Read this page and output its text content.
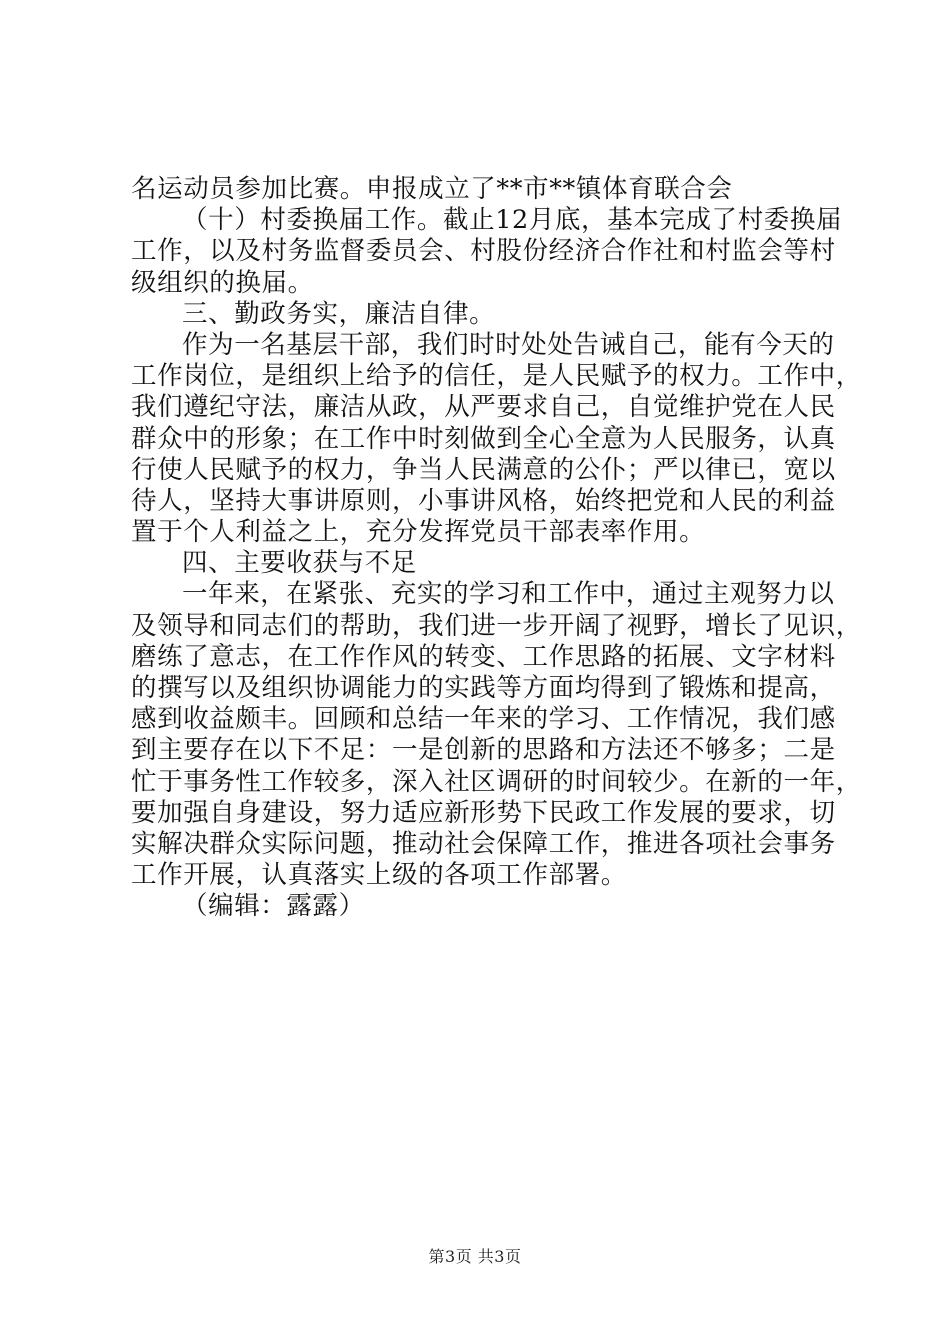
名运动员参加比赛。申报成立了**市**镇体育联合会
（十）村委换届工作。截止12月底，基本完成了村委换届
工作，以及村务监督委员会、村股份经济合作社和村监会等村
级组织的换届。
三、勤政务实，廉洁自律。
作为一名基层干部，我们时时处处告诫自己，能有今天的
工作岗位，是组织上给予的信任，是人民赋予的权力。工作中，
我们遵纪守法，廉洁从政，从严要求自己，自觉维护党在人民
群众中的形象；在工作中时刻做到全心全意为人民服务，认真
行使人民赋予的权力，争当人民满意的公仆；严以律已，宽以
待人，坚持大事讲原则，小事讲风格，始终把党和人民的利益
置于个人利益之上，充分发挥党员干部表率作用。
四、主要收获与不足
一年来，在紧张、充实的学习和工作中，通过主观努力以
及领导和同志们的帮助，我们进一步开阔了视野，增长了见识，
磨练了意志，在工作作风的转变、工作思路的拓展、文字材料
的撰写以及组织协调能力的实践等方面均得到了锻炼和提高，
感到收益颇丰。回顾和总结一年来的学习、工作情况，我们感
到主要存在以下不足：一是创新的思路和方法还不够多；二是
忙于事务性工作较多，深入社区调研的时间较少。在新的一年，
要加强自身建设，努力适应新形势下民政工作发展的要求，切
实解决群众实际问题，推动社会保障工作，推进各项社会事务
工作开展，认真落实上级的各项工作部署。
（编辑：露露）
第3页 共3页
